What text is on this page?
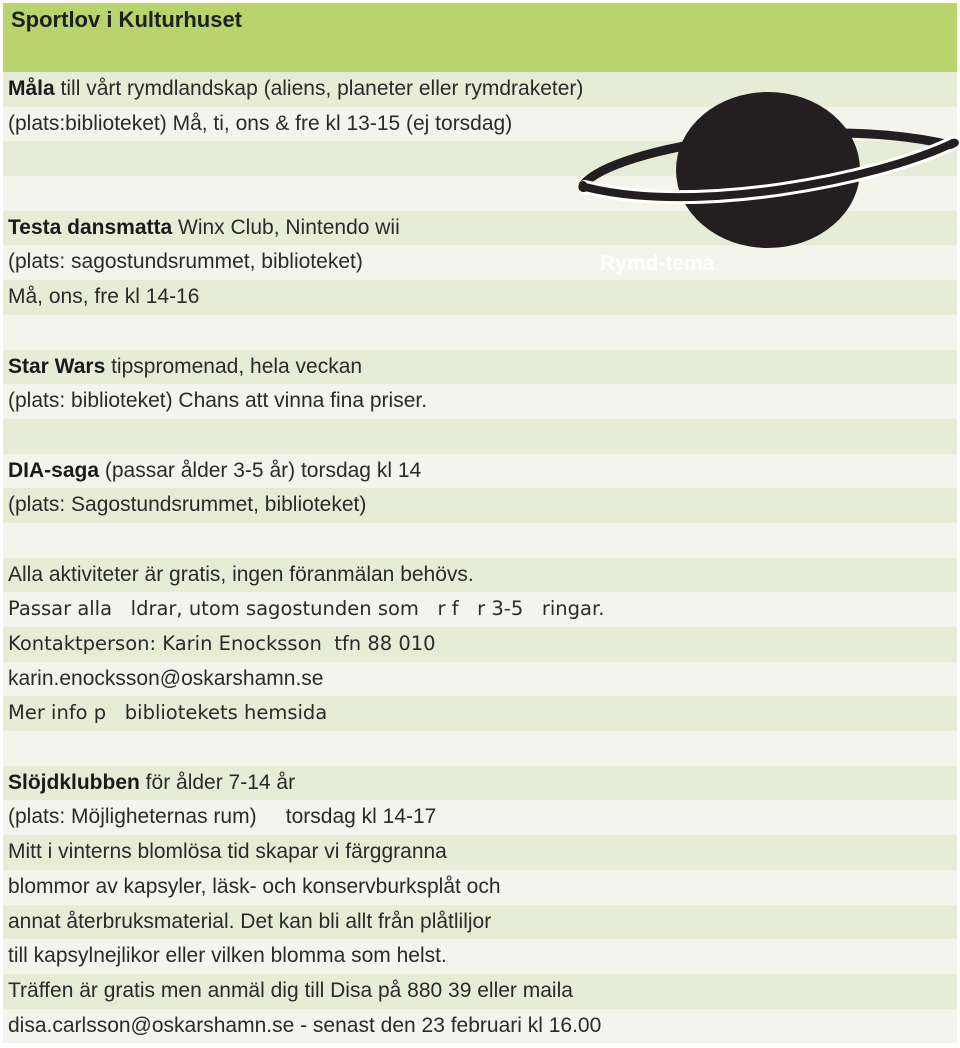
Sportlov i Kulturhuset
Måla till vårt rymdlandskap (aliens, planeter eller rymdraketer)
(plats:biblioteket) Må, ti, ons & fre kl 13-15 (ej torsdag)
Testa dansmatta Winx Club, Nintendo wii
(plats: sagostundsrummet, biblioteket)
Må, ons, fre kl 14-16
Star Wars tipspromenad, hela veckan
(plats: biblioteket) Chans att vinna fina priser.
DIA-saga (passar ålder 3-5 år) torsdag kl 14
(plats: Sagostundsrummet, biblioteket)
Alla aktiviteter är gratis, ingen föranmälan behövs.
Passar alla   ldrar, utom sagostunden som   r f   r 3-5   ringar.
Kontaktperson: Karin Enocksson  tfn 88 010
karin.enocksson@oskarshamn.se
Mer info p   bibliotekets hemsida
Slöjdklubben för ålder 7-14 år
(plats: Möjligheternas rum)     torsdag kl 14-17
Mitt i vinterns blomlösa tid skapar vi färggranna
blommor av kapsyler, läsk- och konservburksplåt och
annat återbruksmaterial. Det kan bli allt från plåtliljor
till kapsylnejlikor eller vilken blomma som helst.
Träffen är gratis men anmäl dig till Disa på 880 39 eller maila
disa.carlsson@oskarshamn.se - senast den 23 februari kl 16.00
Rymd-tema
